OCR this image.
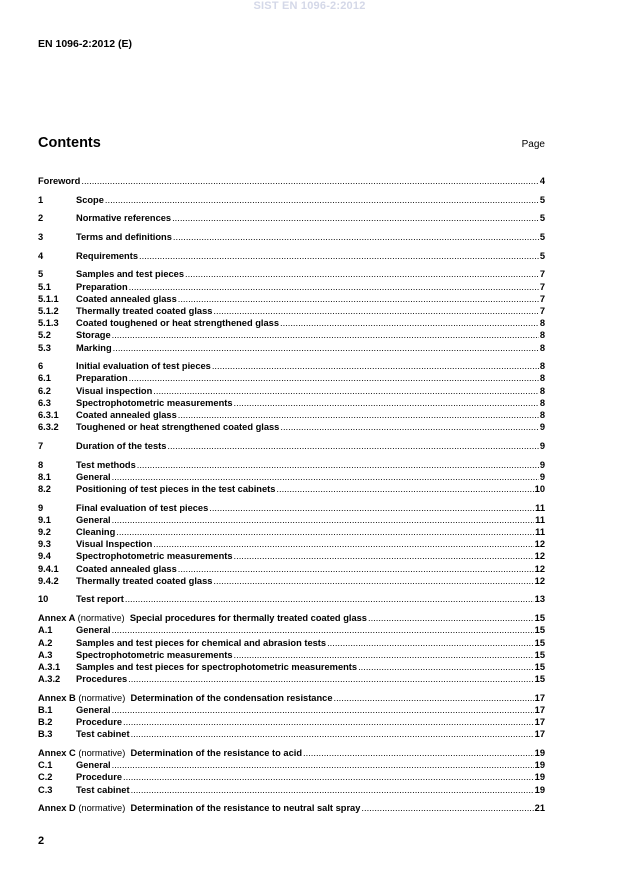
SIST EN 1096-2:2012
EN 1096-2:2012 (E)
Contents	Page
Foreword .....	4
1	Scope .....	5
2	Normative references .....	5
3	Terms and definitions .....	5
4	Requirements .....	5
5	Samples and test pieces .....	7
5.1	Preparation .....	7
5.1.1	Coated annealed glass .....	7
5.1.2	Thermally treated coated glass .....	7
5.1.3	Coated toughened or heat strengthened glass .....	8
5.2	Storage .....	8
5.3	Marking .....	8
6	Initial evaluation of test pieces .....	8
6.1	Preparation .....	8
6.2	Visual inspection .....	8
6.3	Spectrophotometric measurements .....	8
6.3.1	Coated annealed glass .....	8
6.3.2	Toughened or heat strengthened coated glass .....	9
7	Duration of the tests .....	9
8	Test methods .....	9
8.1	General .....	9
8.2	Positioning of test pieces in the test cabinets .....	10
9	Final evaluation of test pieces .....	11
9.1	General .....	11
9.2	Cleaning .....	11
9.3	Visual Inspection .....	12
9.4	Spectrophotometric measurements .....	12
9.4.1	Coated annealed glass .....	12
9.4.2	Thermally treated coated glass .....	12
10	Test report .....	13
Annex A (normative) Special procedures for thermally treated coated glass .....	15
A.1	General .....	15
A.2	Samples and test pieces for chemical and abrasion tests .....	15
A.3	Spectrophotometric measurements .....	15
A.3.1	Samples and test pieces for spectrophotometric measurements .....	15
A.3.2	Procedures .....	15
Annex B (normative) Determination of the condensation resistance .....	17
B.1	General .....	17
B.2	Procedure .....	17
B.3	Test cabinet .....	17
Annex C (normative) Determination of the resistance to acid .....	19
C.1	General .....	19
C.2	Procedure .....	19
C.3	Test cabinet .....	19
Annex D (normative) Determination of the resistance to neutral salt spray .....	21
2
